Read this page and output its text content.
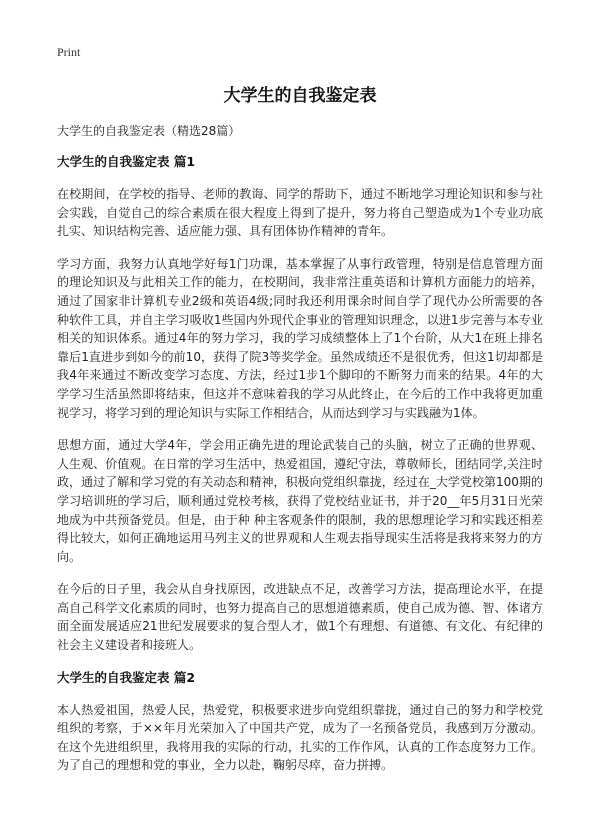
Print
大学生的自我鉴定表
大学生的自我鉴定表（精选28篇）
大学生的自我鉴定表 篇1

在校期间，在学校的指导、老师的教诲、同学的帮助下，通过不断地学习理论知识和参与社会实践，自觉自己的综合素质在很大程度上得到了提升，努力将自己塑造成为1个专业功底扎实、知识结构完善、适应能力强、具有团体协作精神的青年。

学习方面，我努力认真地学好每1门功课，基本掌握了从事行政管理，特别是信息管理方面的理论知识及与此相关工作的能力，在校期间，我非常注重英语和计算机方面能力的培养，通过了国家非计算机专业2级和英语4级;同时我还利用课余时间自学了现代办公所需要的各种软件工具，并自主学习吸收1些国内外现代企事业的管理知识理念，以进1步完善与本专业相关的知识体系。通过4年的努力学习，我的学习成绩整体上了1个台阶，从大1在班上排名靠后1直进步到如今的前10，获得了院3等奖学金。虽然成绩还不是很优秀，但这1切却都是我4年来通过不断改变学习态度、方法，经过1步1个脚印的不断努力而来的结果。4年的大学学习生活虽然即将结束，但这并不意味着我的学习从此终止，在今后的工作中我将更加重视学习，将学习到的理论知识与实际工作相结合，从而达到学习与实践融为1体。

思想方面，通过大学4年，学会用正确先进的理论武装自己的头脑，树立了正确的世界观、人生观、价值观。在日常的学习生活中，热爱祖国，遵纪守法，尊敬师长，团结同学,关注时政，通过了解和学习党的有关动态和精神，积极向党组织靠拢，经过在_大学党校第100期的学习培训班的学习后，顺利通过党校考核，获得了党校结业证书，并于20__年5月31日光荣地成为中共预备党员。但是，由于种 种主客观条件的限制，我的思想理论学习和实践还相差得比较大，如何正确地运用马列主义的世界观和人生观去指导现实生活将是我将来努力的方向。

在今后的日子里，我会从自身找原因，改进缺点不足，改善学习方法，提高理论水平，在提高自己科学文化素质的同时，也努力提高自己的思想道德素质，使自己成为德、智、体诸方面全面发展适应21世纪发展要求的复合型人才，做1个有理想、有道德、有文化、有纪律的社会主义建设者和接班人。

大学生的自我鉴定表 篇2

本人热爱祖国，热爱人民，热爱党，积极要求进步向党组织靠拢，通过自己的努力和学校党组织的考察，于××年月光荣加入了中国共产党，成为了一名预备党员，我感到万分激动。在这个先进组织里，我将用我的实际的行动，扎实的工作作风，认真的工作态度努力工作。为了自己的理想和党的事业，全力以赴，鞠躬尽瘁，奋力拼搏。
